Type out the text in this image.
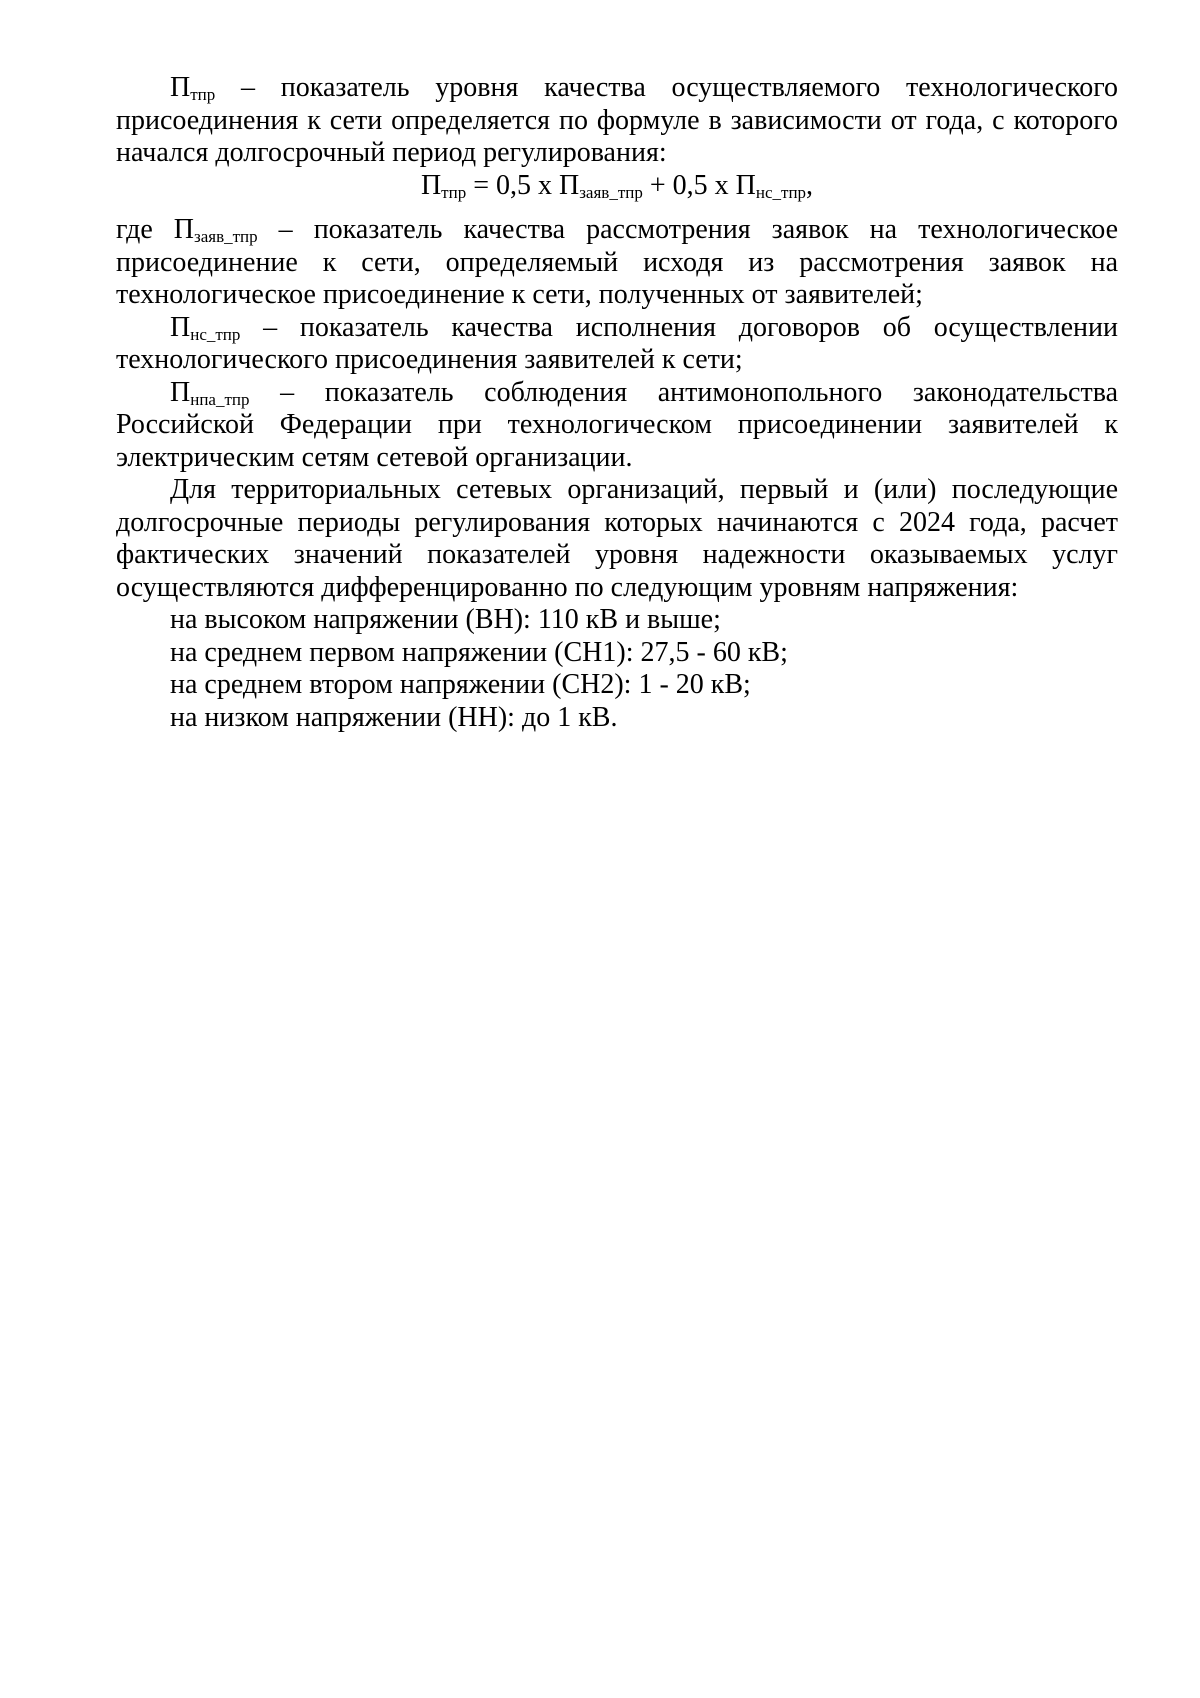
$П_{тпр}$ – показатель уровня качества осуществляемого технологического присоединения к сети определяется по формуле в зависимости от года, с которого начался долгосрочный период регулирования:

$П_{тпр} = 0,5$ х $П_{заяв\_тпр} + 0,5$ х $П_{нс\_тпр}$,

где $П_{заяв\_тпр}$ – показатель качества рассмотрения заявок на технологическое присоединение к сети, определяемый исходя из рассмотрения заявок на технологическое присоединение к сети, полученных от заявителей;

$П_{нс\_тпр}$ – показатель качества исполнения договоров об осуществлении технологического присоединения заявителей к сети;

$П_{нпа\_тпр}$ – показатель соблюдения антимонопольного законодательства Российской Федерации при технологическом присоединении заявителей к электрическим сетям сетевой организации.

Для территориальных сетевых организаций, первый и (или) последующие долгосрочные периоды регулирования которых начинаются с 2024 года, расчет фактических значений показателей уровня надежности оказываемых услуг осуществляются дифференцированно по следующим уровням напряжения:

на высоком напряжении (ВН): 110 кВ и выше;

на среднем первом напряжении (СН1): 27,5 - 60 кВ;

на среднем втором напряжении (СН2): 1 - 20 кВ;

на низком напряжении (НН): до 1 кВ.
